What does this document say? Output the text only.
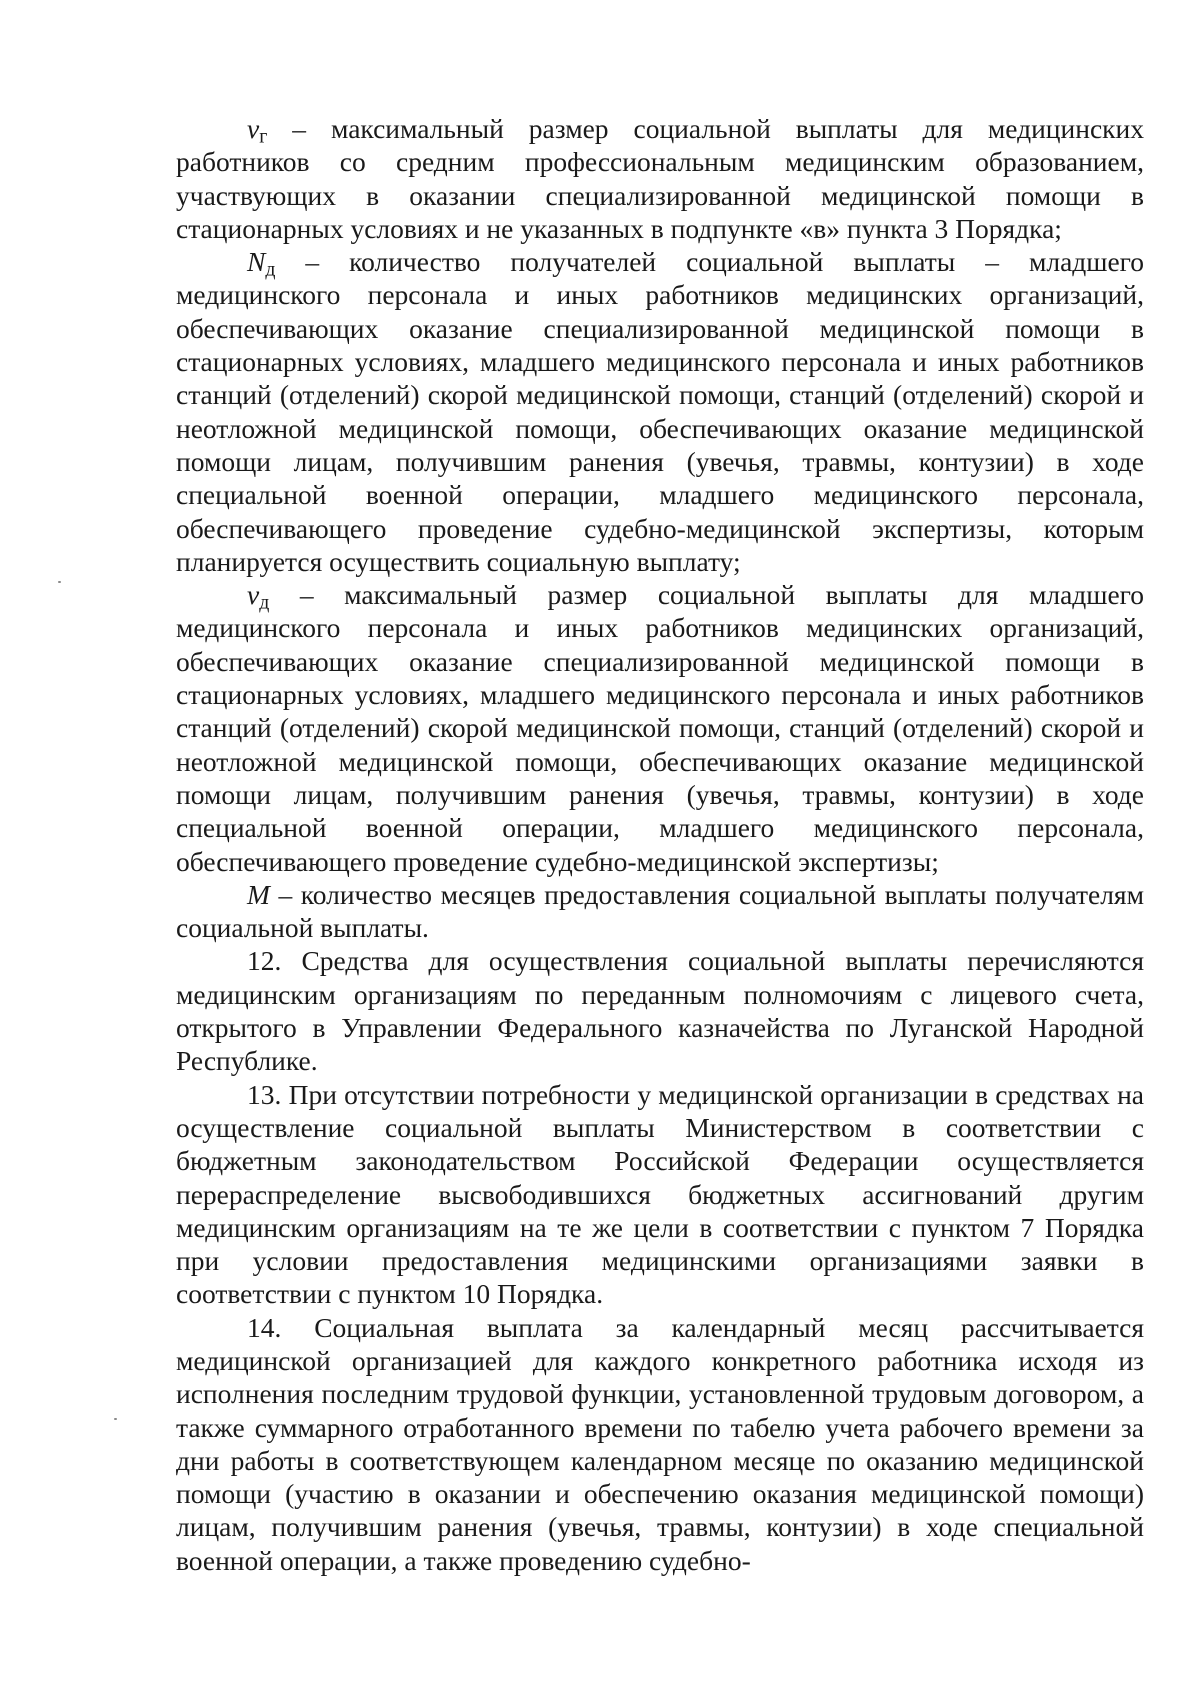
$v_г$ – максимальный размер социальной выплаты для медицинских работников со средним профессиональным медицинским образованием, участвующих в оказании специализированной медицинской помощи в стационарных условиях и не указанных в подпункте «в» пункта 3 Порядка;

$N_д$ – количество получателей социальной выплаты – младшего медицинского персонала и иных работников медицинских организаций, обеспечивающих оказание специализированной медицинской помощи в стационарных условиях, младшего медицинского персонала и иных работников станций (отделений) скорой медицинской помощи, станций (отделений) скорой и неотложной медицинской помощи, обеспечивающих оказание медицинской помощи лицам, получившим ранения (увечья, травмы, контузии) в ходе специальной военной операции, младшего медицинского персонала, обеспечивающего проведение судебно-медицинской экспертизы, которым планируется осуществить социальную выплату;

$v_д$ – максимальный размер социальной выплаты для младшего медицинского персонала и иных работников медицинских организаций, обеспечивающих оказание специализированной медицинской помощи в стационарных условиях, младшего медицинского персонала и иных работников станций (отделений) скорой медицинской помощи, станций (отделений) скорой и неотложной медицинской помощи, обеспечивающих оказание медицинской помощи лицам, получившим ранения (увечья, травмы, контузии) в ходе специальной военной операции, младшего медицинского персонала, обеспечивающего проведение судебно-медицинской экспертизы;

M – количество месяцев предоставления социальной выплаты получателям социальной выплаты.

12. Средства для осуществления социальной выплаты перечисляются медицинским организациям по переданным полномочиям с лицевого счета, открытого в Управлении Федерального казначейства по Луганской Народной Республике.

13. При отсутствии потребности у медицинской организации в средствах на осуществление социальной выплаты Министерством в соответствии с бюджетным законодательством Российской Федерации осуществляется перераспределение высвободившихся бюджетных ассигнований другим медицинским организациям на те же цели в соответствии с пунктом 7 Порядка при условии предоставления медицинскими организациями заявки в соответствии с пунктом 10 Порядка.

14. Социальная выплата за календарный месяц рассчитывается медицинской организацией для каждого конкретного работника исходя из исполнения последним трудовой функции, установленной трудовым договором, а также суммарного отработанного времени по табелю учета рабочего времени за дни работы в соответствующем календарном месяце по оказанию медицинской помощи (участию в оказании и обеспечению оказания медицинской помощи) лицам, получившим ранения (увечья, травмы, контузии) в ходе специальной военной операции, а также проведению судебно-
